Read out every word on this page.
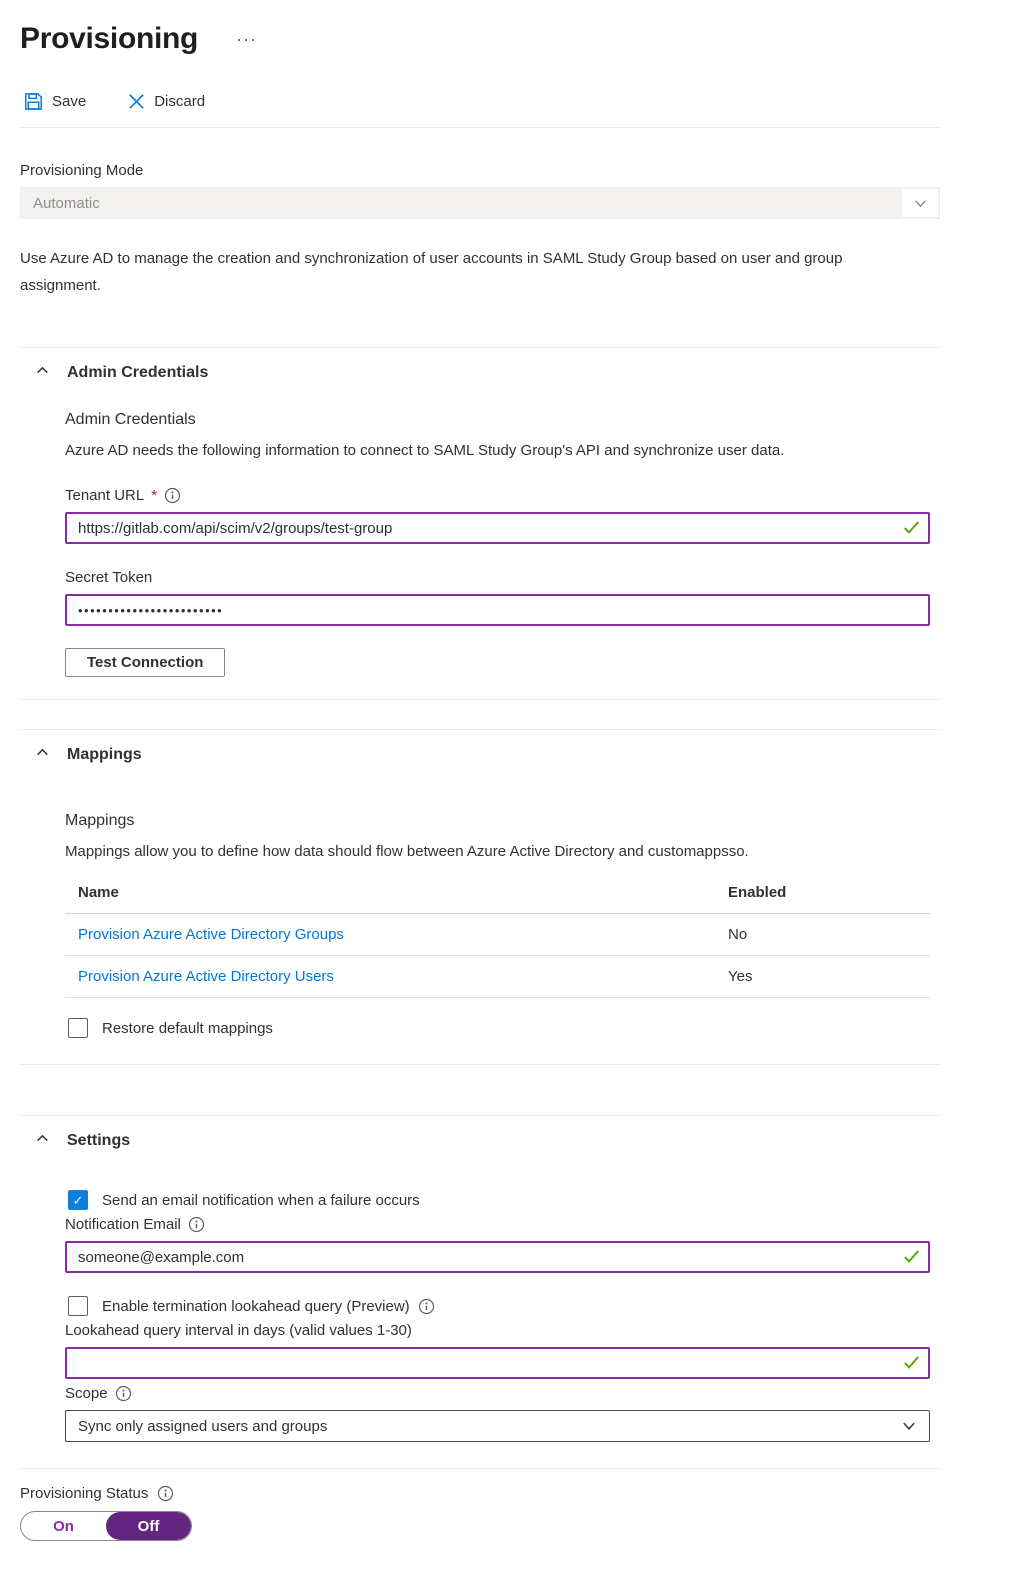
Provisioning ···
Save	Discard
Provisioning Mode
Automatic

Use Azure AD to manage the creation and synchronization of user accounts in SAML Study Group based on user and group assignment.

Admin Credentials
Admin Credentials

Azure AD needs the following information to connect to SAML Study Group's API and synchronize user data.

Tenant URL *
https://gitlab.com/api/scim/v2/groups/test-group
Secret Token
••••••••••••••••••••••••
Test Connection
Mappings
Mappings

Mappings allow you to define how data should flow between Azure Active Directory and customappsso.

Name	Enabled
Provision Azure Active Directory Groups	No
Provision Azure Active Directory Users	Yes
Restore default mappings
Settings
✓	Send an email notification when a failure occurs
Notification Email
someone@example.com
Enable termination lookahead query (Preview)
Lookahead query interval in days (valid values 1-30)
Scope
Sync only assigned users and groups
Provisioning Status
On	Off
